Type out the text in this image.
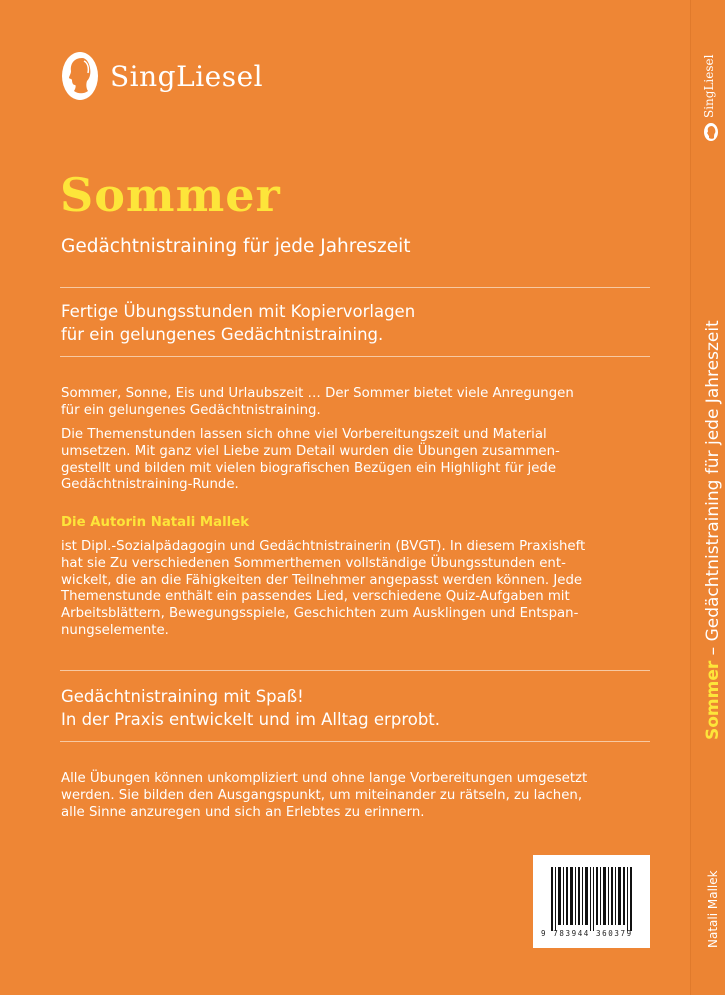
SingLiesel
Sommer
Gedächtnistraining für jede Jahreszeit
Fertige Übungsstunden mit Kopiervorlagen
für ein gelungenes Gedächtnistraining.
Sommer, Sonne, Eis und Urlaubszeit … Der Sommer bietet viele Anregungen
für ein gelungenes Gedächtnistraining.
Die Themenstunden lassen sich ohne viel Vorbereitungszeit und Material
umsetzen. Mit ganz viel Liebe zum Detail wurden die Übungen zusammen-
gestellt und bilden mit vielen biografischen Bezügen ein Highlight für jede
Gedächtnistraining-Runde.
Die Autorin Natali Mallek
ist Dipl.-Sozialpädagogin und Gedächtnistrainerin (BVGT). In diesem Praxisheft
hat sie Zu verschiedenen Sommerthemen vollständige Übungsstunden ent-
wickelt, die an die Fähigkeiten der Teilnehmer angepasst werden können. Jede
Themenstunde enthält ein passendes Lied, verschiedene Quiz-Aufgaben mit
Arbeitsblättern, Bewegungsspiele, Geschichten zum Ausklingen und Entspan-
nungselemente.
Gedächtnistraining mit Spaß!
In der Praxis entwickelt und im Alltag erprobt.
Alle Übungen können unkompliziert und ohne lange Vorbereitungen umgesetzt
werden. Sie bilden den Ausgangspunkt, um miteinander zu rätseln, zu lachen,
alle Sinne anzuregen und sich an Erlebtes zu erinnern.
9 783944 360379
SingLiesel
Sommer – Gedächtnistraining für jede Jahreszeit
Natali Mallek
